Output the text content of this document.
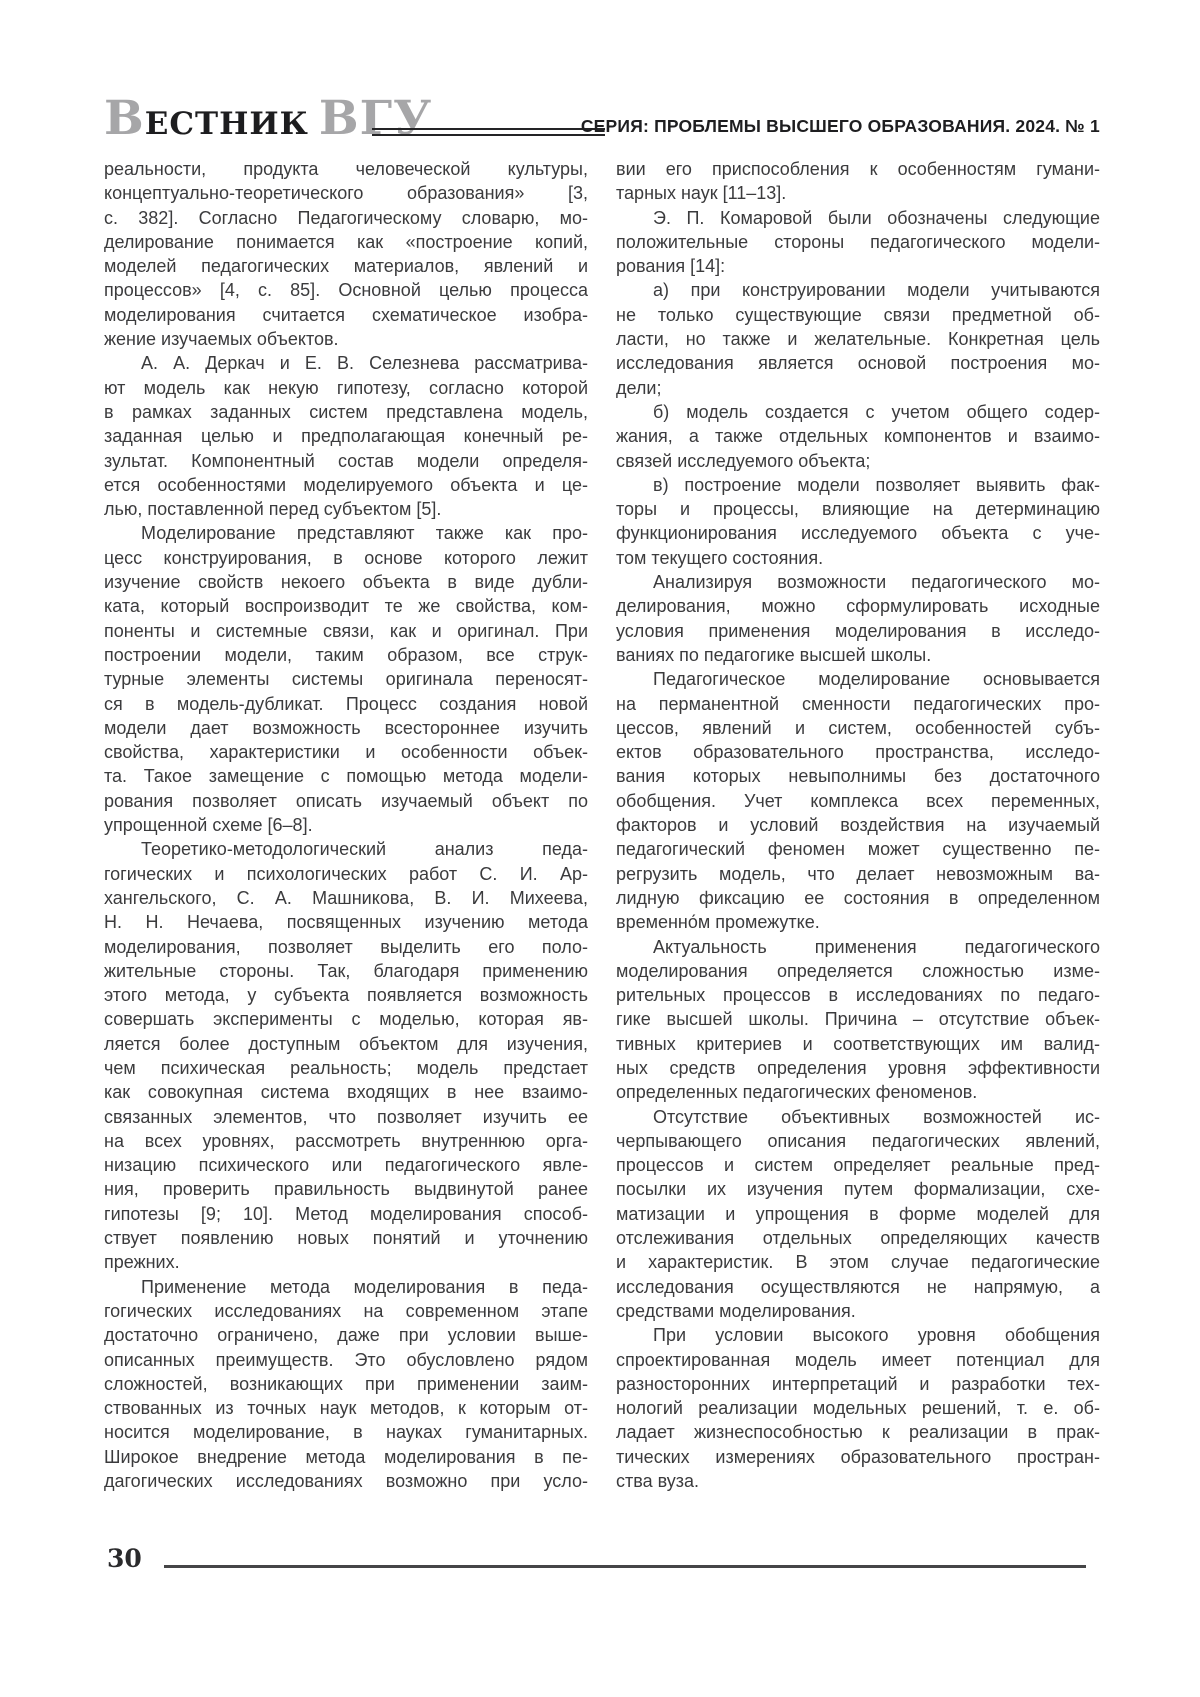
ВЕСТНИК ВГУ	СЕРИЯ: ПРОБЛЕМЫ ВЫСШЕГО ОБРАЗОВАНИЯ. 2024. № 1
реальности, продукта человеческой культуры,
концептуально-теоретического образования» [3,
с. 382]. Согласно Педагогическому словарю, мо-
делирование понимается как «построение копий,
моделей педагогических материалов, явлений и
процессов» [4, с. 85]. Основной целью процесса
моделирования считается схематическое изобра-
жение изучаемых объектов.
А. А. Деркач и Е. В. Селезнева рассматрива-
ют модель как некую гипотезу, согласно которой
в рамках заданных систем представлена модель,
заданная целью и предполагающая конечный ре-
зультат. Компонентный состав модели определя-
ется особенностями моделируемого объекта и це-
лью, поставленной перед субъектом [5].
Моделирование представляют также как про-
цесс конструирования, в основе которого лежит
изучение свойств некоего объекта в виде дубли-
ката, который воспроизводит те же свойства, ком-
поненты и системные связи, как и оригинал. При
построении модели, таким образом, все струк-
турные элементы системы оригинала переносят-
ся в модель-дубликат. Процесс создания новой
модели дает возможность всестороннее изучить
свойства, характеристики и особенности объек-
та. Такое замещение с помощью метода модели-
рования позволяет описать изучаемый объект по
упрощенной схеме [6–8].
Теоретико-методологический анализ педа-
гогических и психологических работ С. И. Ар-
хангельского, С. А. Машникова, В. И. Михеева,
Н. Н. Нечаева, посвященных изучению метода
моделирования, позволяет выделить его поло-
жительные стороны. Так, благодаря применению
этого метода, у субъекта появляется возможность
совершать эксперименты с моделью, которая яв-
ляется более доступным объектом для изучения,
чем психическая реальность; модель предстает
как совокупная система входящих в нее взаимо-
связанных элементов, что позволяет изучить ее
на всех уровнях, рассмотреть внутреннюю орга-
низацию психического или педагогического явле-
ния, проверить правильность выдвинутой ранее
гипотезы [9; 10]. Метод моделирования способ-
ствует появлению новых понятий и уточнению
прежних.
Применение метода моделирования в педа-
гогических исследованиях на современном этапе
достаточно ограничено, даже при условии выше-
описанных преимуществ. Это обусловлено рядом
сложностей, возникающих при применении заим-
ствованных из точных наук методов, к которым от-
носится моделирование, в науках гуманитарных.
Широкое внедрение метода моделирования в пе-
дагогических исследованиях возможно при усло-
вии его приспособления к особенностям гумани-
тарных наук [11–13].
Э. П. Комаровой были обозначены следующие
положительные стороны педагогического модели-
рования [14]:
а) при конструировании модели учитываются
не только существующие связи предметной об-
ласти, но также и желательные. Конкретная цель
исследования является основой построения мо-
дели;
б) модель создается с учетом общего содер-
жания, а также отдельных компонентов и взаимо-
связей исследуемого объекта;
в) построение модели позволяет выявить фак-
торы и процессы, влияющие на детерминацию
функционирования исследуемого объекта с уче-
том текущего состояния.
Анализируя возможности педагогического мо-
делирования, можно сформулировать исходные
условия применения моделирования в исследо-
ваниях по педагогике высшей школы.
Педагогическое моделирование основывается
на перманентной сменности педагогических про-
цессов, явлений и систем, особенностей субъ-
ектов образовательного пространства, исследо-
вания которых невыполнимы без достаточного
обобщения. Учет комплекса всех переменных,
факторов и условий воздействия на изучаемый
педагогический феномен может существенно пе-
регрузить модель, что делает невозможным ва-
лидную фиксацию ее состояния в определенном
временно́м промежутке.
Актуальность применения педагогического
моделирования определяется сложностью изме-
рительных процессов в исследованиях по педаго-
гике высшей школы. Причина – отсутствие объек-
тивных критериев и соответствующих им валид-
ных средств определения уровня эффективности
определенных педагогических феноменов.
Отсутствие объективных возможностей ис-
черпывающего описания педагогических явлений,
процессов и систем определяет реальные пред-
посылки их изучения путем формализации, схе-
матизации и упрощения в форме моделей для
отслеживания отдельных определяющих качеств
и характеристик. В этом случае педагогические
исследования осуществляются не напрямую, а
средствами моделирования.
При условии высокого уровня обобщения
спроектированная модель имеет потенциал для
разносторонних интерпретаций и разработки тех-
нологий реализации модельных решений, т. е. об-
ладает жизнеспособностью к реализации в прак-
тических измерениях образовательного простран-
ства вуза.
30
